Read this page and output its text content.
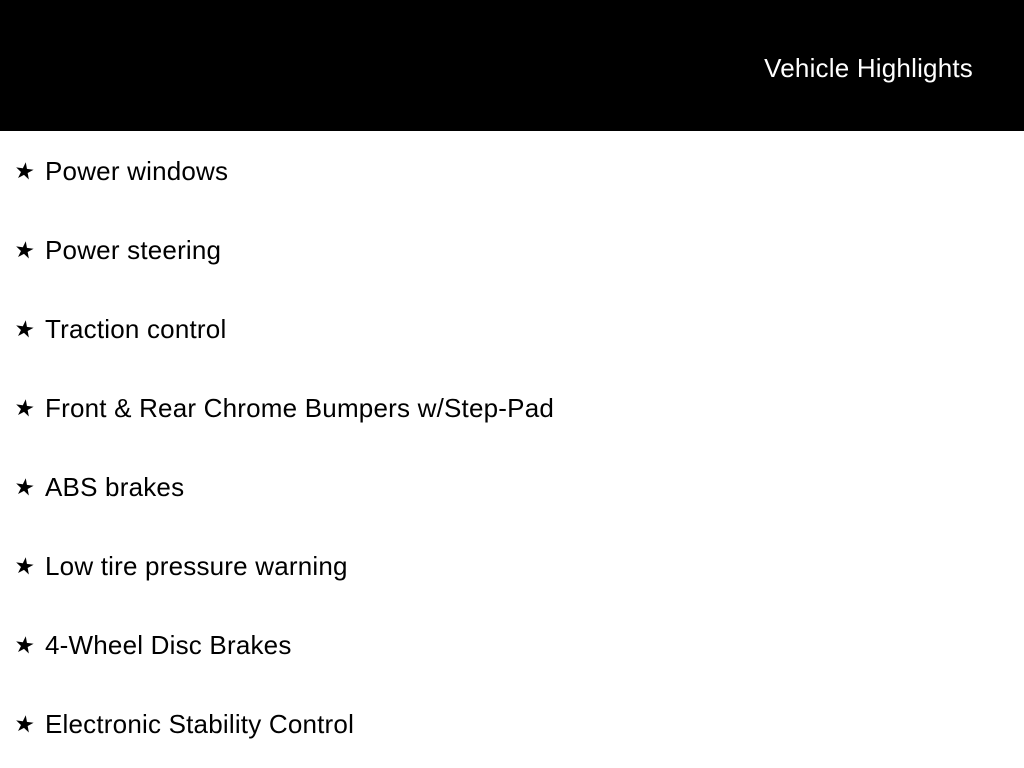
Vehicle Highlights
★ Power windows
★ Power steering
★ Traction control
★ Front & Rear Chrome Bumpers w/Step-Pad
★ ABS brakes
★ Low tire pressure warning
★ 4-Wheel Disc Brakes
★ Electronic Stability Control
